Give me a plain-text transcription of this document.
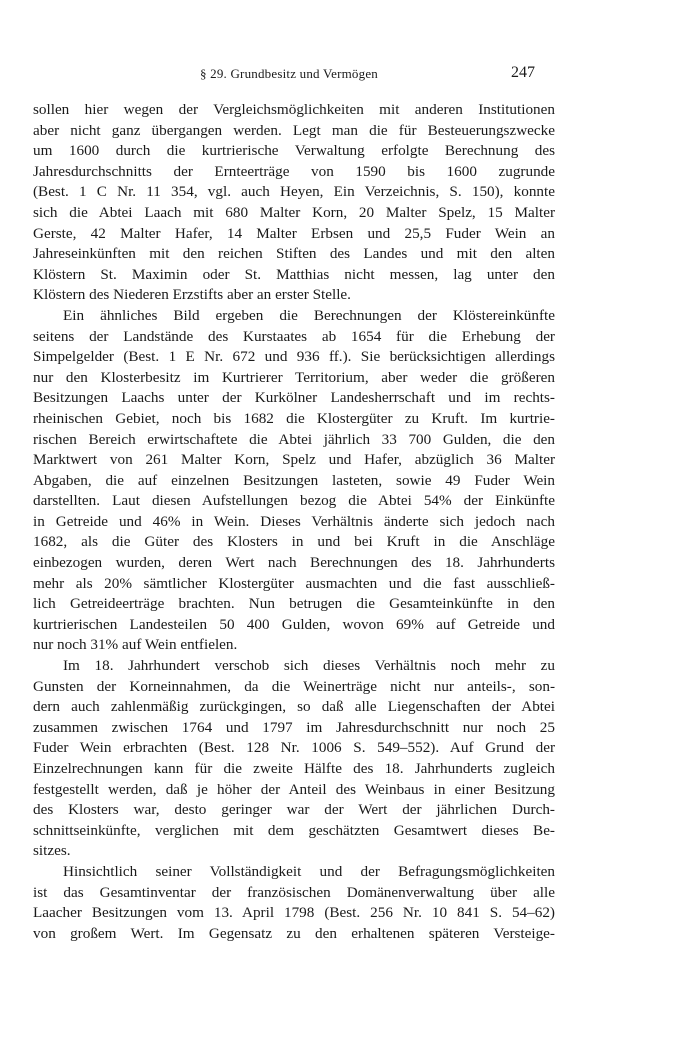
§ 29. Grundbesitz und Vermögen	247
sollen hier wegen der Vergleichsmöglichkeiten mit anderen Institutionen
aber nicht ganz übergangen werden. Legt man die für Besteuerungszwecke
um 1600 durch die kurtrierische Verwaltung erfolgte Berechnung des
Jahresdurchschnitts der Ernteerträge von 1590 bis 1600 zugrunde
(Best. 1 C Nr. 11 354, vgl. auch Heyen, Ein Verzeichnis, S. 150), konnte
sich die Abtei Laach mit 680 Malter Korn, 20 Malter Spelz, 15 Malter
Gerste, 42 Malter Hafer, 14 Malter Erbsen und 25,5 Fuder Wein an
Jahreseinkünften mit den reichen Stiften des Landes und mit den alten
Klöstern St. Maximin oder St. Matthias nicht messen, lag unter den
Klöstern des Niederen Erzstifts aber an erster Stelle.
Ein ähnliches Bild ergeben die Berechnungen der Klöstereinkünfte
seitens der Landstände des Kurstaates ab 1654 für die Erhebung der
Simpelgelder (Best. 1 E Nr. 672 und 936 ff.). Sie berücksichtigen allerdings
nur den Klosterbesitz im Kurtrierer Territorium, aber weder die größeren
Besitzungen Laachs unter der Kurkölner Landesherrschaft und im rechts-
rheinischen Gebiet, noch bis 1682 die Klostergüter zu Kruft. Im kurtrie-
rischen Bereich erwirtschaftete die Abtei jährlich 33 700 Gulden, die den
Marktwert von 261 Malter Korn, Spelz und Hafer, abzüglich 36 Malter
Abgaben, die auf einzelnen Besitzungen lasteten, sowie 49 Fuder Wein
darstellten. Laut diesen Aufstellungen bezog die Abtei 54% der Einkünfte
in Getreide und 46% in Wein. Dieses Verhältnis änderte sich jedoch nach
1682, als die Güter des Klosters in und bei Kruft in die Anschläge
einbezogen wurden, deren Wert nach Berechnungen des 18. Jahrhunderts
mehr als 20% sämtlicher Klostergüter ausmachten und die fast ausschließ-
lich Getreideerträge brachten. Nun betrugen die Gesamteinkünfte in den
kurtrierischen Landesteilen 50 400 Gulden, wovon 69% auf Getreide und
nur noch 31% auf Wein entfielen.
Im 18. Jahrhundert verschob sich dieses Verhältnis noch mehr zu
Gunsten der Korneinnahmen, da die Weinerträge nicht nur anteils-, son-
dern auch zahlenmäßig zurückgingen, so daß alle Liegenschaften der Abtei
zusammen zwischen 1764 und 1797 im Jahresdurchschnitt nur noch 25
Fuder Wein erbrachten (Best. 128 Nr. 1006 S. 549–552). Auf Grund der
Einzelrechnungen kann für die zweite Hälfte des 18. Jahrhunderts zugleich
festgestellt werden, daß je höher der Anteil des Weinbaus in einer Besitzung
des Klosters war, desto geringer war der Wert der jährlichen Durch-
schnittseinkünfte, verglichen mit dem geschätzten Gesamtwert dieses Be-
sitzes.
Hinsichtlich seiner Vollständigkeit und der Befragungsmöglichkeiten
ist das Gesamtinventar der französischen Domänenverwaltung über alle
Laacher Besitzungen vom 13. April 1798 (Best. 256 Nr. 10 841 S. 54–62)
von großem Wert. Im Gegensatz zu den erhaltenen späteren Versteige-
